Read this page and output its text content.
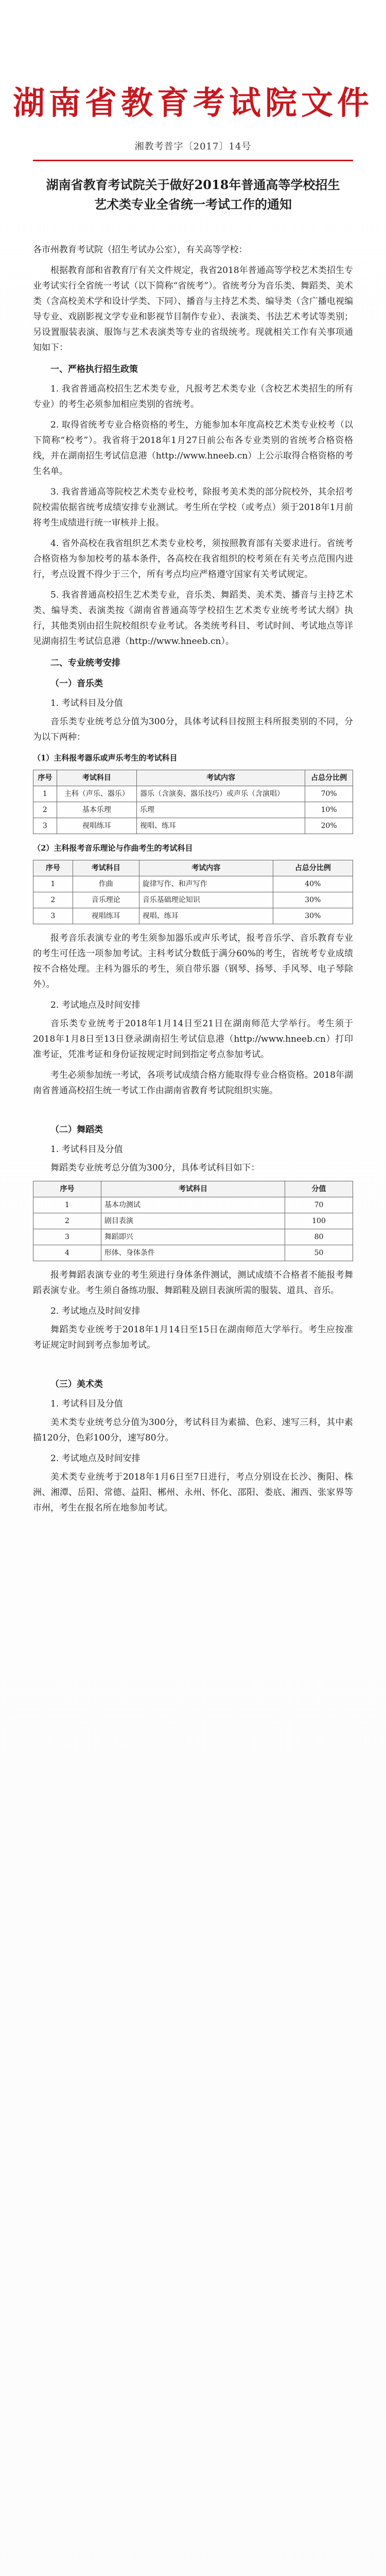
湖南省教育考试院文件
湘教考普字〔2017〕14号
湖南省教育考试院关于做好2018年普通高等学校招生艺术类专业全省统一考试工作的通知
各市州教育考试院（招生考试办公室），有关高等学校：
根据教育部和省教育厅有关文件规定，我省2018年普通高等学校艺术类招生专业考试实行全省统一考试（以下简称“省统考”）。省统考分为音乐类、舞蹈类、美术类（含高校美术学和设计学类、下同）、播音与主持艺术类、编导类（含广播电视编导专业、戏剧影视文学专业和影视节目制作专业）、表演类、书法艺术考试等类别；另设置服装表演、服饰与艺术表演类等专业的省级统考。现就相关工作有关事项通知如下：
一、严格执行招生政策
1. 我省普通高校招生艺术类专业，凡报考艺术类专业（含校艺术类招生的所有专业）的考生必须参加相应类别的省统考。
2. 取得省统考专业合格资格的考生，方能参加本年度高校艺术类专业校考（以下简称“校考”）。我省将于2018年1月27日前公布各专业类别的省统考合格资格线，并在湖南招生考试信息港（http://www.hneeb.cn）上公示取得合格资格的考生名单。
3. 我省普通高等院校艺术类专业校考，除报考美术类的部分院校外，其余招考院校需依据省统考成绩安排专业测试。考生所在学校（或考点）须于2018年1月前将考生成绩进行统一审核并上报。
4. 省外高校在我省组织艺术类专业校考，须按照教育部有关要求进行。省统考合格资格为参加校考的基本条件，各高校在我省组织的校考须在有关考点范围内进行，考点设置不得少于三个，所有考点均应严格遵守国家有关考试规定。
5. 我省普通高校招生艺术类专业，音乐类、舞蹈类、美术类、播音与主持艺术类、编导类、表演类按《湖南省普通高等学校招生艺术类专业统考考试大纲》执行，其他类别由招生院校组织专业考试。各类统考科目、考试时间、考试地点等详见湖南招生考试信息港（http://www.hneeb.cn）。
二、专业统考安排
（一）音乐类
1. 考试科目及分值
音乐类专业统考总分值为300分，具体考试科目按照主科所报类别的不同，分为以下两种：
（1）主科报考器乐或声乐考生的考试科目
序号	考试科目	考试内容	占总分比例
1	主科（声乐、器乐）	器乐（含演奏、器乐技巧）或声乐（含演唱）	70%
2	基本乐理	乐理	10%
3	视唱练耳	视唱、练耳	20%
（2）主科报考音乐理论与作曲考生的考试科目
序号	考试科目	考试内容	占总分比例
1	作曲	旋律写作、和声写作	40%
2	音乐理论	音乐基础理论知识	30%
3	视唱练耳	视唱、练耳	30%
报考音乐表演专业的考生须参加器乐或声乐考试，报考音乐学、音乐教育专业的考生可任选一项参加考试。主科考试分数低于满分60%的考生，省统考专业成绩按不合格处理。主科为器乐的考生，须自带乐器（钢琴、扬琴、手风琴、电子琴除外）。
2. 考试地点及时间安排
音乐类专业统考于2018年1月14日至21日在湖南师范大学举行。考生须于2018年1月8日至13日登录湖南招生考试信息港（http://www.hneeb.cn）打印准考证，凭准考证和身份证按规定时间到指定考点参加考试。
考生必须参加统一考试，各项考试成绩合格方能取得专业合格资格。2018年湖南省普通高校招生统一考试工作由湖南省教育考试院组织实施。
（二）舞蹈类
1. 考试科目及分值
舞蹈类专业统考总分值为300分，具体考试科目如下：
序号	考试科目	分值
1	基本功测试	70
2	剧目表演	100
3	舞蹈即兴	80
4	形体、身体条件	50
报考舞蹈表演专业的考生须进行身体条件测试，测试成绩不合格者不能报考舞蹈表演专业。考生须自备练功服、舞蹈鞋及剧目表演所需的服装、道具、音乐。
2. 考试地点及时间安排
舞蹈类专业统考于2018年1月14日至15日在湖南师范大学举行。考生应按准考证规定时间到考点参加考试。
（三）美术类
1. 考试科目及分值
美术类专业统考总分值为300分，考试科目为素描、色彩、速写三科，其中素描120分，色彩100分，速写80分。
2. 考试地点及时间安排
美术类专业统考于2018年1月6日至7日进行，考点分别设在长沙、衡阳、株洲、湘潭、岳阳、常德、益阳、郴州、永州、怀化、邵阳、娄底、湘西、张家界等市州，考生在报名所在地参加考试。
